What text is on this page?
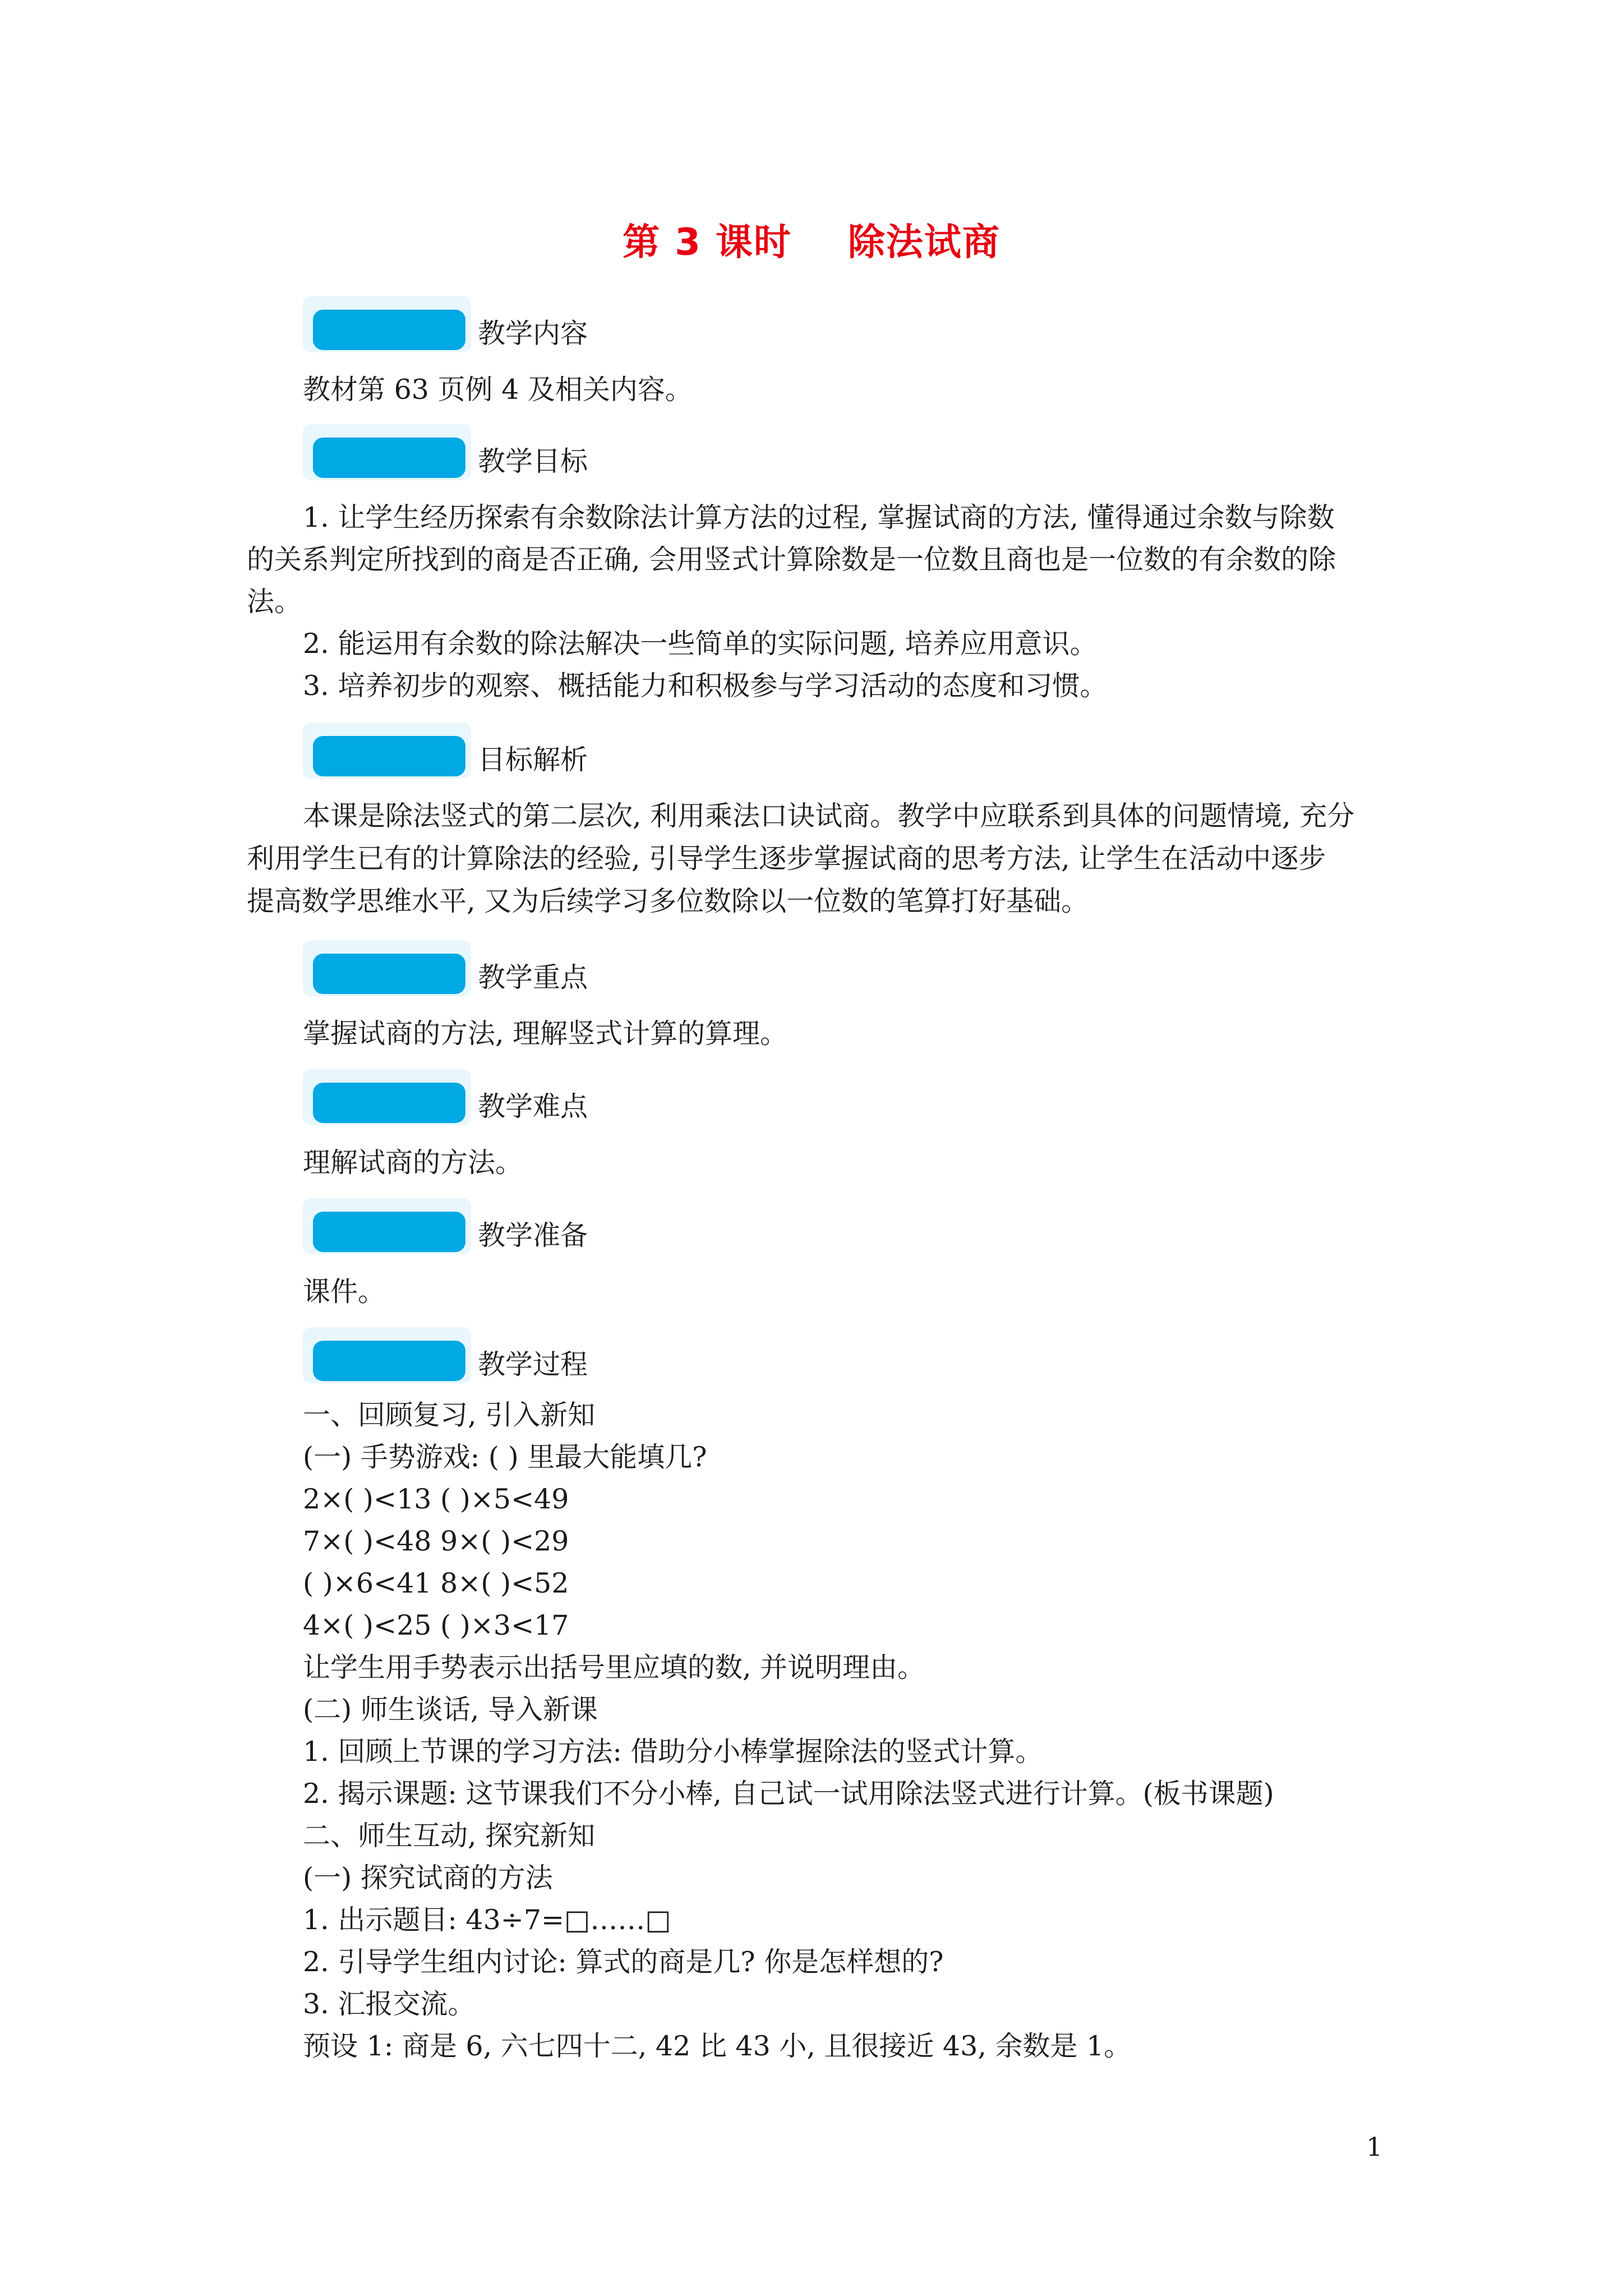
第 3 课时    除法试商
教学内容
教材第 63 页例 4 及相关内容。
教学目标
1. 让学生经历探索有余数除法计算方法的过程, 掌握试商的方法, 懂得通过余数与除数
的关系判定所找到的商是否正确, 会用竖式计算除数是一位数且商也是一位数的有余数的除
法。
2. 能运用有余数的除法解决一些简单的实际问题, 培养应用意识。
3. 培养初步的观察、概括能力和积极参与学习活动的态度和习惯。
目标解析
本课是除法竖式的第二层次, 利用乘法口诀试商。教学中应联系到具体的问题情境, 充分
利用学生已有的计算除法的经验, 引导学生逐步掌握试商的思考方法, 让学生在活动中逐步
提高数学思维水平, 又为后续学习多位数除以一位数的笔算打好基础。
教学重点
掌握试商的方法, 理解竖式计算的算理。
教学难点
理解试商的方法。
教学准备
课件。
教学过程
一、回顾复习, 引入新知
(一) 手势游戏: ( ) 里最大能填几?
2×( )<13 ( )×5<49
7×( )<48 9×( )<29
( )×6<41 8×( )<52
4×( )<25 ( )×3<17
让学生用手势表示出括号里应填的数, 并说明理由。
(二) 师生谈话, 导入新课
1. 回顾上节课的学习方法: 借助分小棒掌握除法的竖式计算。
2. 揭示课题: 这节课我们不分小棒, 自己试一试用除法竖式进行计算。(板书课题)
二、师生互动, 探究新知
(一) 探究试商的方法
1. 出示题目: 43÷7=□……□
2. 引导学生组内讨论: 算式的商是几? 你是怎样想的?
3. 汇报交流。
预设 1: 商是 6, 六七四十二, 42 比 43 小, 且很接近 43, 余数是 1。
1
